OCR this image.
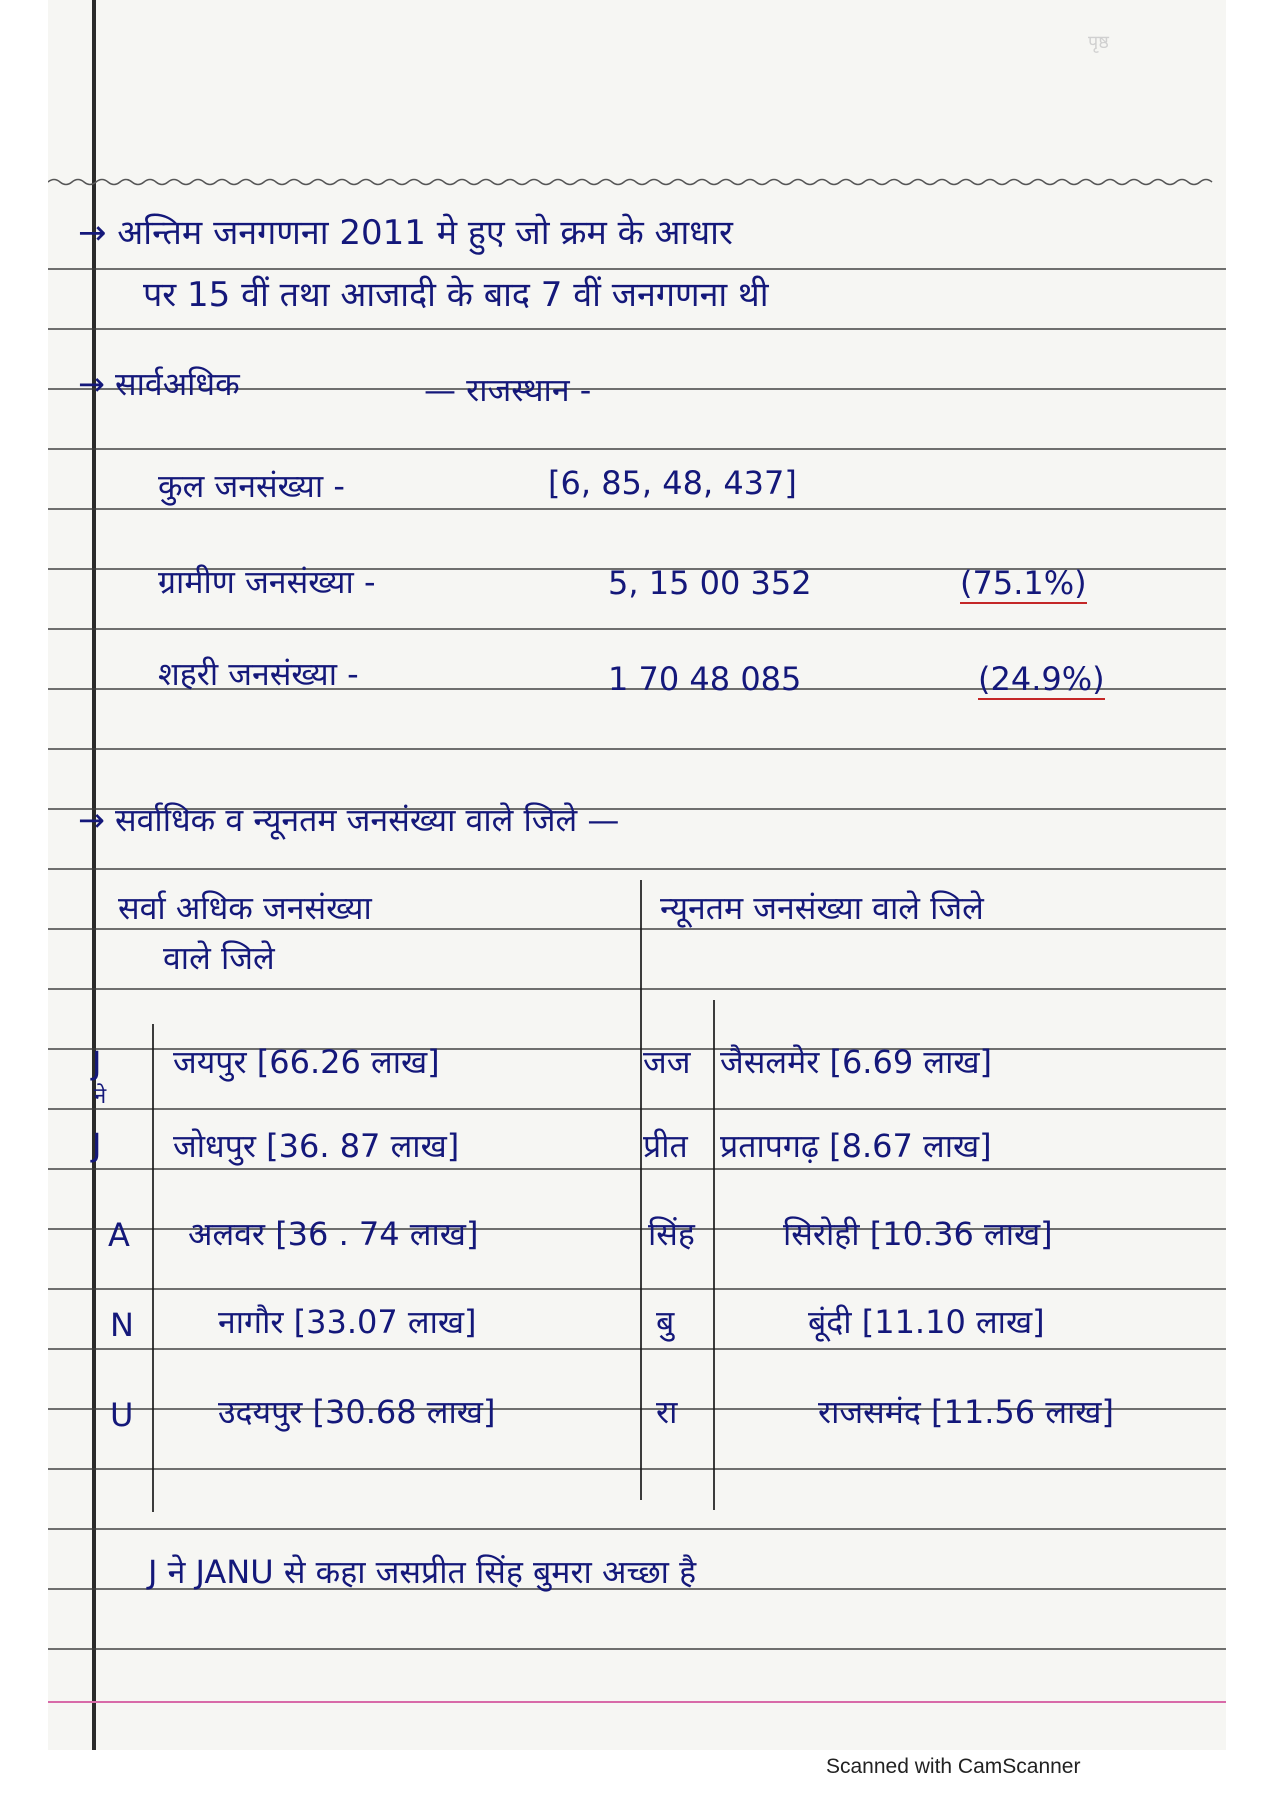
पृष्ठ
→ अन्तिम जनगणना 2011 मे हुए जो क्रम के आधार
पर 15 वीं तथा आजादी के बाद 7 वीं जनगणना थी
→ सार्वअधिक	— राजस्थान -
कुल जनसंख्या -	[6, 85, 48, 437]
ग्रामीण जनसंख्या -	5, 15 00 352	(75.1%)
शहरी जनसंख्या -	1 70 48 085	(24.9%)
→ सर्वाधिक व न्यूनतम जनसंख्या वाले जिले —
सर्वा अधिक जनसंख्या
वाले जिले
न्यूनतम जनसंख्या वाले जिले
J
ने
जयपुर [66.26 लाख]	जज जैसलमेर [6.69 लाख]
J जोधपुर [36. 87 लाख]	प्रीत प्रतापगढ़ [8.67 लाख]
A अलवर [36 . 74 लाख]	सिंह	सिरोही [10.36 लाख]
N	नागौर [33.07 लाख]	बु	बूंदी [11.10 लाख]
U	उदयपुर [30.68 लाख]	रा	राजसमंद [11.56 लाख]
J ने JANU से कहा जसप्रीत सिंह बुमरा अच्छा है
Scanned with CamScanner
